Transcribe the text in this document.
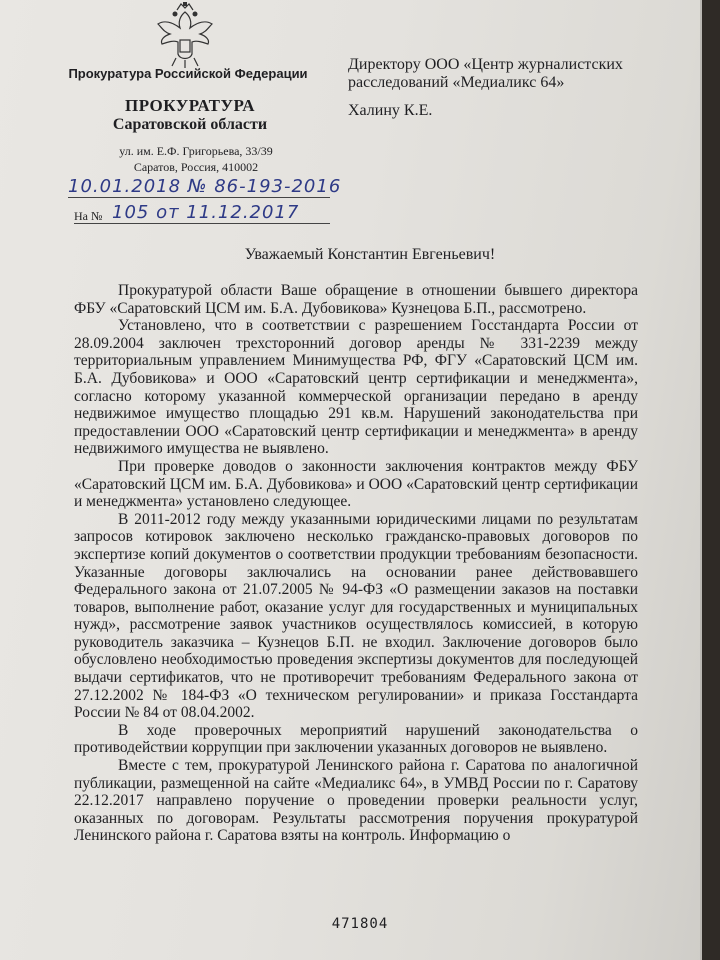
Прокуратура Российской Федерации
ПРОКУРАТУРА
Саратовской области
ул. им. Е.Ф. Григорьева, 33/39
Саратов, Россия, 410002
10.01.2018 № 86-193-2016
На № 105 от 11.12.2017
Директору ООО «Центр журналистских расследований «Медиаликс 64»
Халину К.Е.
Уважаемый Константин Евгеньевич!

Прокуратурой области Ваше обращение в отношении бывшего директора ФБУ «Саратовский ЦСМ им. Б.А. Дубовикова» Кузнецова Б.П., рассмотрено.

Установлено, что в соответствии с разрешением Госстандарта России от 28.09.2004 заключен трехсторонний договор аренды № 331-2239 между территориальным управлением Минимущества РФ, ФГУ «Саратовский ЦСМ им. Б.А. Дубовикова» и ООО «Саратовский центр сертификации и менеджмента», согласно которому указанной коммерческой организации передано в аренду недвижимое имущество площадью 291 кв.м. Нарушений законодательства при предоставлении ООО «Саратовский центр сертификации и менеджмента» в аренду недвижимого имущества не выявлено.

При проверке доводов о законности заключения контрактов между ФБУ «Саратовский ЦСМ им. Б.А. Дубовикова» и ООО «Саратовский центр сертификации и менеджмента» установлено следующее.

В 2011-2012 году между указанными юридическими лицами по результатам запросов котировок заключено несколько гражданско-правовых договоров по экспертизе копий документов о соответствии продукции требованиям безопасности. Указанные договоры заключались на основании ранее действовавшего Федерального закона от 21.07.2005 № 94-ФЗ «О размещении заказов на поставки товаров, выполнение работ, оказание услуг для государственных и муниципальных нужд», рассмотрение заявок участников осуществлялось комиссией, в которую руководитель заказчика – Кузнецов Б.П. не входил. Заключение договоров было обусловлено необходимостью проведения экспертизы документов для последующей выдачи сертификатов, что не противоречит требованиям Федерального закона от 27.12.2002 № 184-ФЗ «О техническом регулировании» и приказа Госстандарта России № 84 от 08.04.2002.

В ходе проверочных мероприятий нарушений законодательства о противодействии коррупции при заключении указанных договоров не выявлено.

Вместе с тем, прокуратурой Ленинского района г. Саратова по аналогичной публикации, размещенной на сайте «Медиаликс 64», в УМВД России по г. Саратову 22.12.2017 направлено поручение о проведении проверки реальности услуг, оказанных по договорам. Результаты рассмотрения поручения прокуратурой Ленинского района г. Саратова взяты на контроль. Информацию о

471804
